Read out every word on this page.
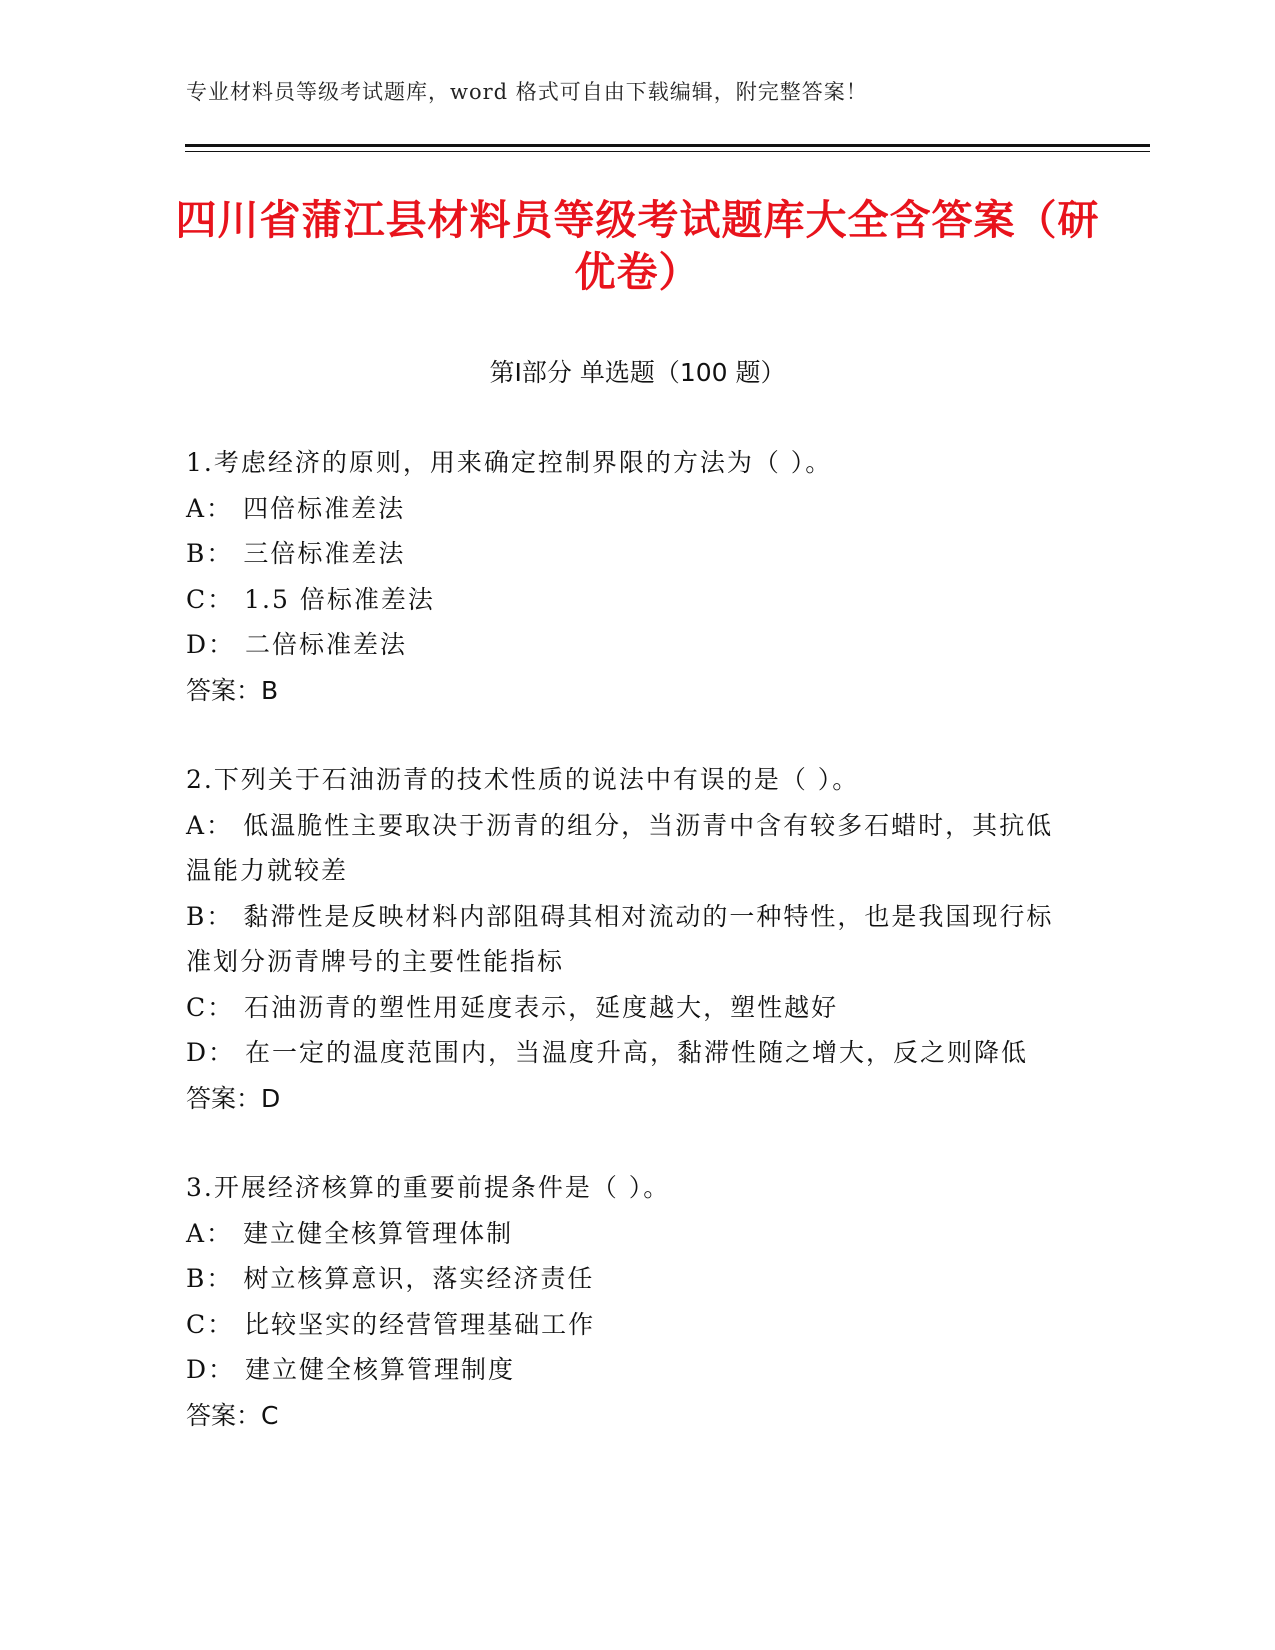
专业材料员等级考试题库，word 格式可自由下载编辑，附完整答案！
四川省蒲江县材料员等级考试题库大全含答案（研优卷）
第Ⅰ部分 单选题（100 题）
1.考虑经济的原则，用来确定控制界限的方法为（ ）。
A： 四倍标准差法
B： 三倍标准差法
C： 1.5 倍标准差法
D： 二倍标准差法
答案：B
2.下列关于石油沥青的技术性质的说法中有误的是（ ）。
A： 低温脆性主要取决于沥青的组分，当沥青中含有较多石蜡时，其抗低温能力就较差
B： 黏滞性是反映材料内部阻碍其相对流动的一种特性，也是我国现行标准划分沥青牌号的主要性能指标
C： 石油沥青的塑性用延度表示，延度越大，塑性越好
D： 在一定的温度范围内，当温度升高，黏滞性随之增大，反之则降低
答案：D
3.开展经济核算的重要前提条件是（ ）。
A： 建立健全核算管理体制
B： 树立核算意识，落实经济责任
C： 比较坚实的经营管理基础工作
D： 建立健全核算管理制度
答案：C
